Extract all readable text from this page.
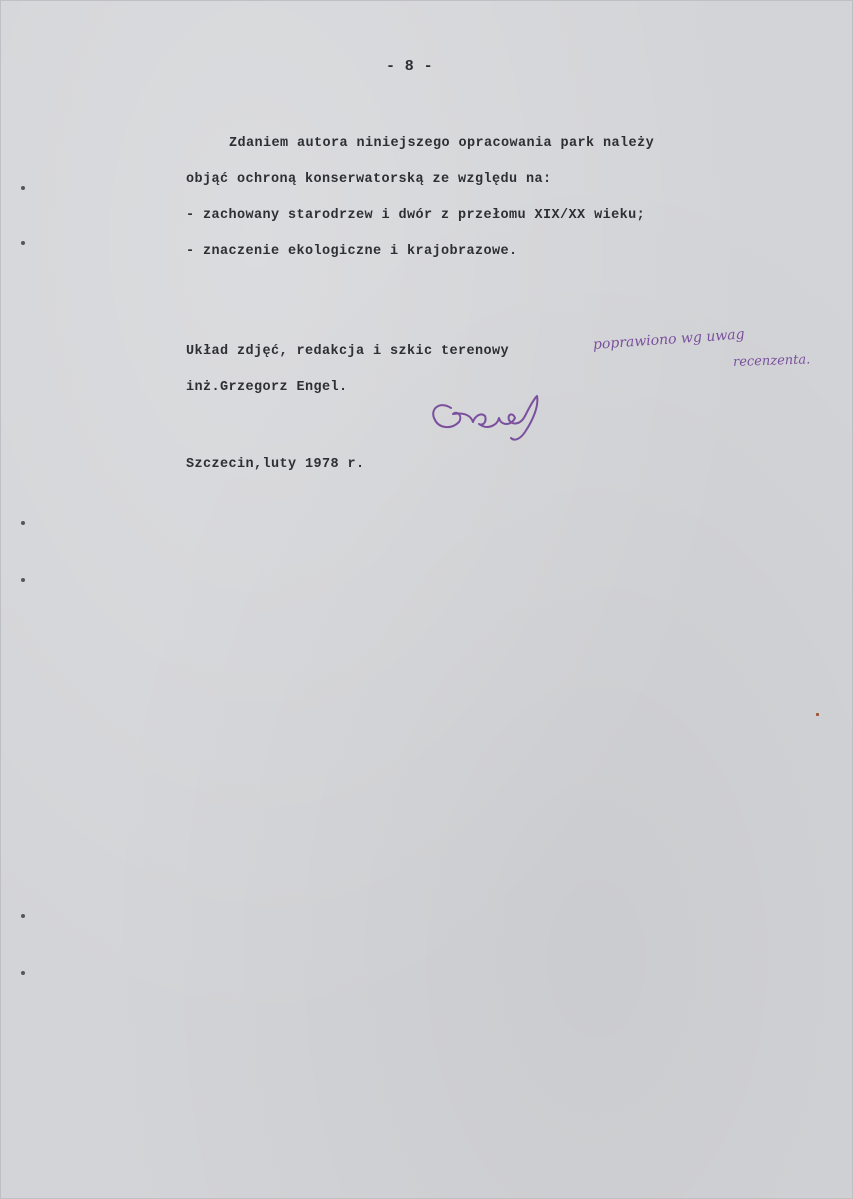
- 8 -
Zdaniem autora niniejszego opracowania park należy
objąć ochroną konserwatorską ze względu na:
- zachowany starodrzew i dwór z przełomu XIX/XX wieku;
- znaczenie ekologiczne i krajobrazowe.
Układ zdjęć, redakcja i szkic terenowy
inż.Grzegorz Engel.
poprawiono wg uwag
recenzenta.
Szczecin,luty 1978 r.
